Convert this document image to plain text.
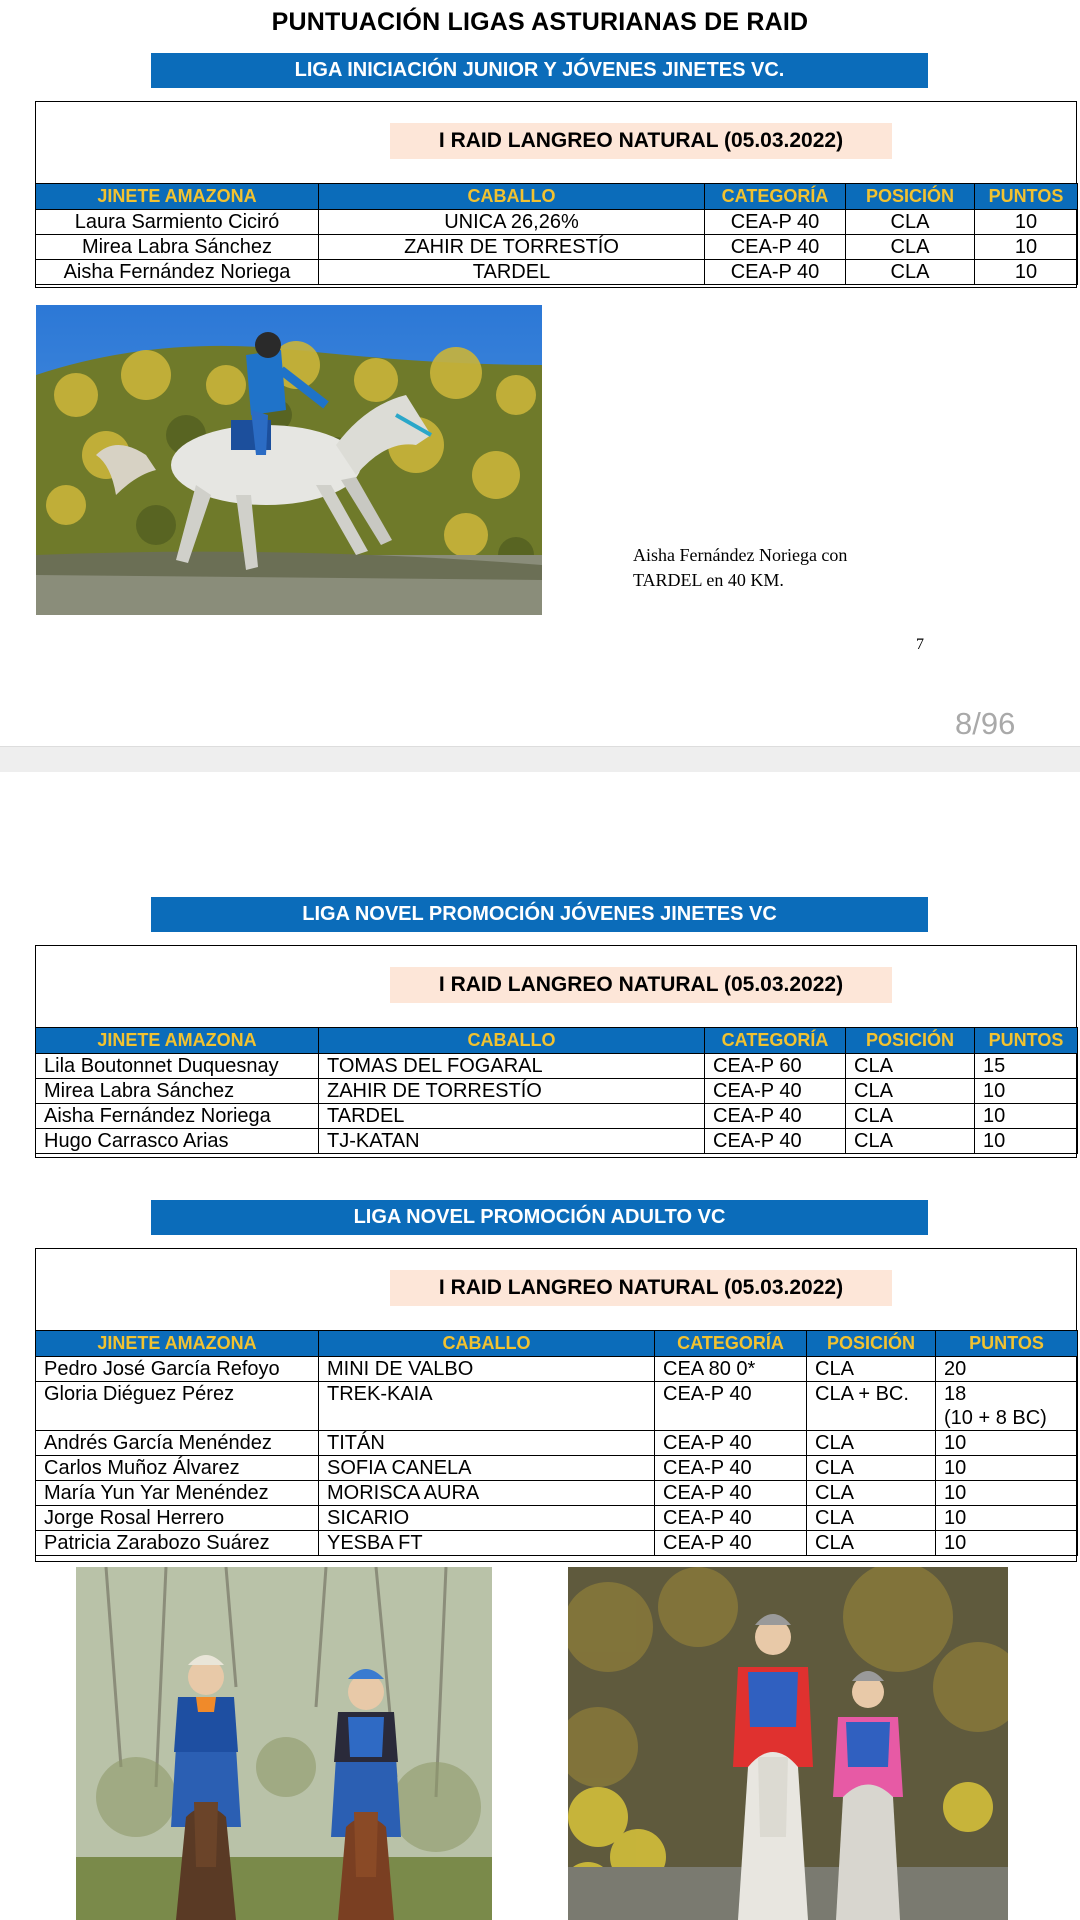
PUNTUACIÓN LIGAS ASTURIANAS DE RAID
LIGA INICIACIÓN JUNIOR Y JÓVENES JINETES VC.
I RAID LANGREO NATURAL (05.03.2022)
JINETE AMAZONA	CABALLO	CATEGORÍA	POSICIÓN	PUNTOS
Laura Sarmiento Ciciró	UNICA 26,26%	CEA-P 40	CLA	10
Mirea Labra Sánchez	ZAHIR DE TORRESTÍO	CEA-P 40	CLA	10
Aisha Fernández Noriega	TARDEL	CEA-P 40	CLA	10
Aisha Fernández Noriega con
TARDEL en 40 KM.
7
8/96
LIGA NOVEL PROMOCIÓN JÓVENES JINETES VC
I RAID LANGREO NATURAL (05.03.2022)
JINETE AMAZONA	CABALLO	CATEGORÍA	POSICIÓN	PUNTOS
Lila Boutonnet Duquesnay	TOMAS DEL FOGARAL	CEA-P 60	CLA	15
Mirea Labra Sánchez	ZAHIR DE TORRESTÍO	CEA-P 40	CLA	10
Aisha Fernández Noriega	TARDEL	CEA-P 40	CLA	10
Hugo Carrasco Arias	TJ-KATAN	CEA-P 40	CLA	10
LIGA NOVEL PROMOCIÓN ADULTO VC
I RAID LANGREO NATURAL (05.03.2022)
JINETE AMAZONA	CABALLO	CATEGORÍA	POSICIÓN	PUNTOS
Pedro José García Refoyo	MINI DE VALBO	CEA 80 0*	CLA	20
Gloria Diéguez Pérez	TREK-KAIA	CEA-P 40	CLA + BC.	18
(10 + 8 BC)

Andrés García Menéndez	TITÁN	CEA-P 40	CLA	10
Carlos Muñoz Álvarez	SOFIA CANELA	CEA-P 40	CLA	10
María Yun Yar Menéndez	MORISCA AURA	CEA-P 40	CLA	10
Jorge Rosal Herrero	SICARIO	CEA-P 40	CLA	10
Patricia Zarabozo Suárez	YESBA FT	CEA-P 40	CLA	10
